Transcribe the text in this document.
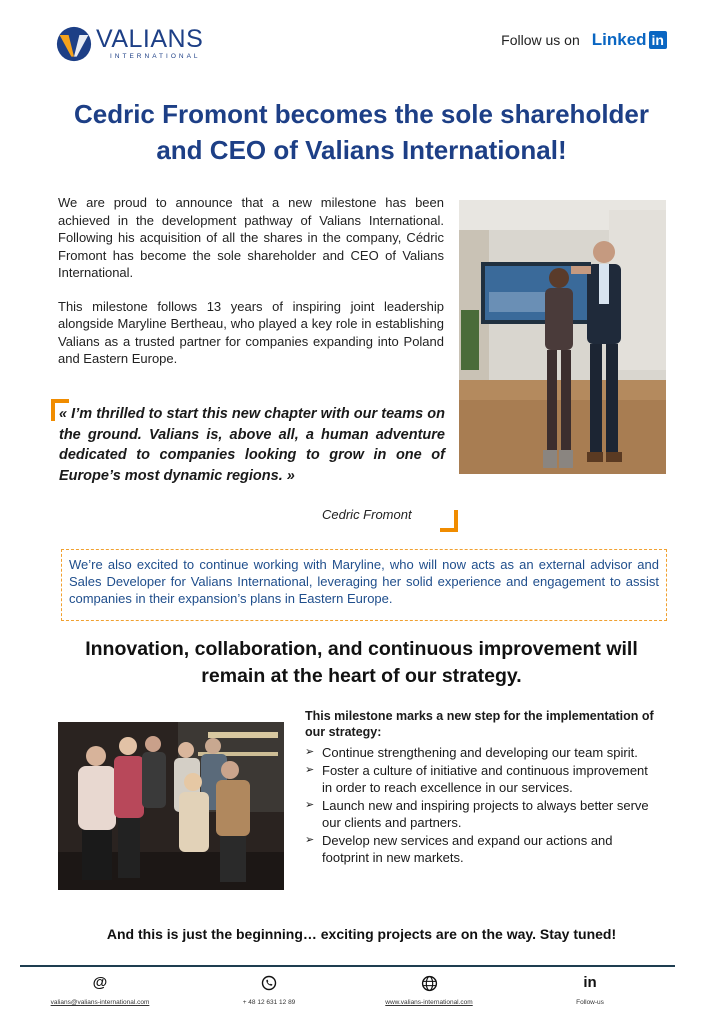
VALIANS
INTERNATIONAL
Follow us on Linked in
Cedric Fromont becomes the sole shareholder
and CEO of Valians International!

We are proud to announce that a new milestone has been achieved in the development pathway of Valians International. Following his acquisition of all the shares in the company, Cédric Fromont has become the sole shareholder and CEO of Valians International.

This milestone follows 13 years of inspiring joint leadership alongside Maryline Bertheau, who played a key role in establishing Valians as a trusted partner for companies expanding into Poland and Eastern Europe.

« I’m thrilled to start this new chapter with our teams on the ground. Valians is, above all, a human adventure dedicated to companies looking to grow in one of Europe’s most dynamic regions. »
Cedric Fromont
We’re also excited to continue working with Maryline, who will now acts as an external advisor and Sales Developer for Valians International, leveraging her solid experience and engagement to assist companies in their expansion’s plans in Eastern Europe.
Innovation, collaboration, and continuous improvement will
remain at the heart of our strategy.
This milestone marks a new step for the implementation of our strategy:
➢ Continue strengthening and developing our team spirit.
➢ Foster a culture of initiative and continuous improvement in order to reach excellence in our services.
➢ Launch new and inspiring projects to always better serve our clients and partners.
➢ Develop new services and expand our actions and footprint in new markets.
And this is just the beginning… exciting projects are on the way. Stay tuned!
@
valians@valians-international.com	+ 48 12 631 12 89	www.valians-international.com
in
Follow-us
